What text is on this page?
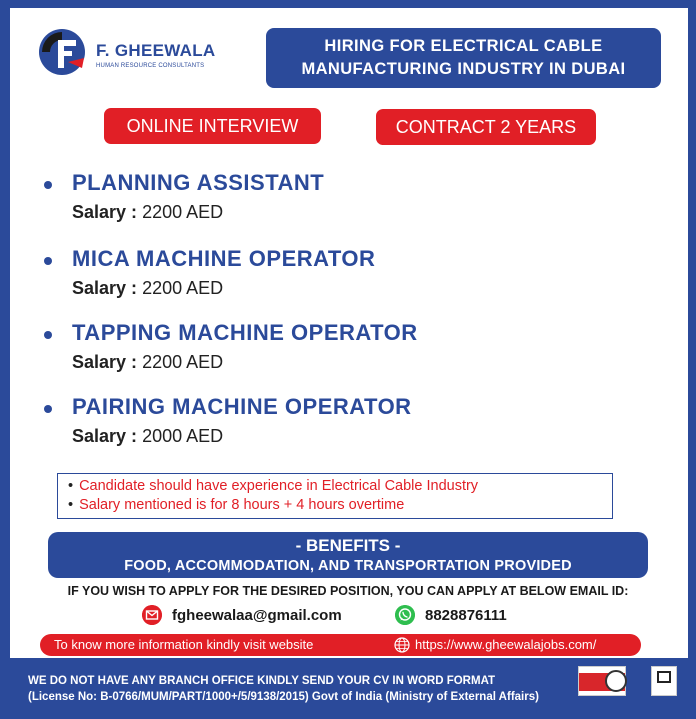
F. GHEEWALA
HUMAN RESOURCE CONSULTANTS
HIRING FOR ELECTRICAL CABLE
MANUFACTURING INDUSTRY IN DUBAI
ONLINE INTERVIEW	CONTRACT 2 YEARS
PLANNING ASSISTANT
Salary : 2200 AED
MICA MACHINE OPERATOR
Salary : 2200 AED
TAPPING MACHINE OPERATOR
Salary : 2200 AED
PAIRING MACHINE OPERATOR
Salary : 2000 AED
• Candidate should have experience in Electrical Cable Industry
• Salary mentioned is for 8 hours + 4 hours overtime
- BENEFITS -
FOOD, ACCOMMODATION, AND TRANSPORTATION PROVIDED
IF YOU WISH TO APPLY FOR THE DESIRED POSITION, YOU CAN APPLY AT BELOW EMAIL ID:
fgheewalaa@gmail.com	8828876111
To know more information kindly visit website	https://www.gheewalajobs.com/
WE DO NOT HAVE ANY BRANCH OFFICE KINDLY SEND YOUR CV IN WORD FORMAT
(License No: B-0766/MUM/PART/1000+/5/9138/2015) Govt of India (Ministry of External Affairs)
